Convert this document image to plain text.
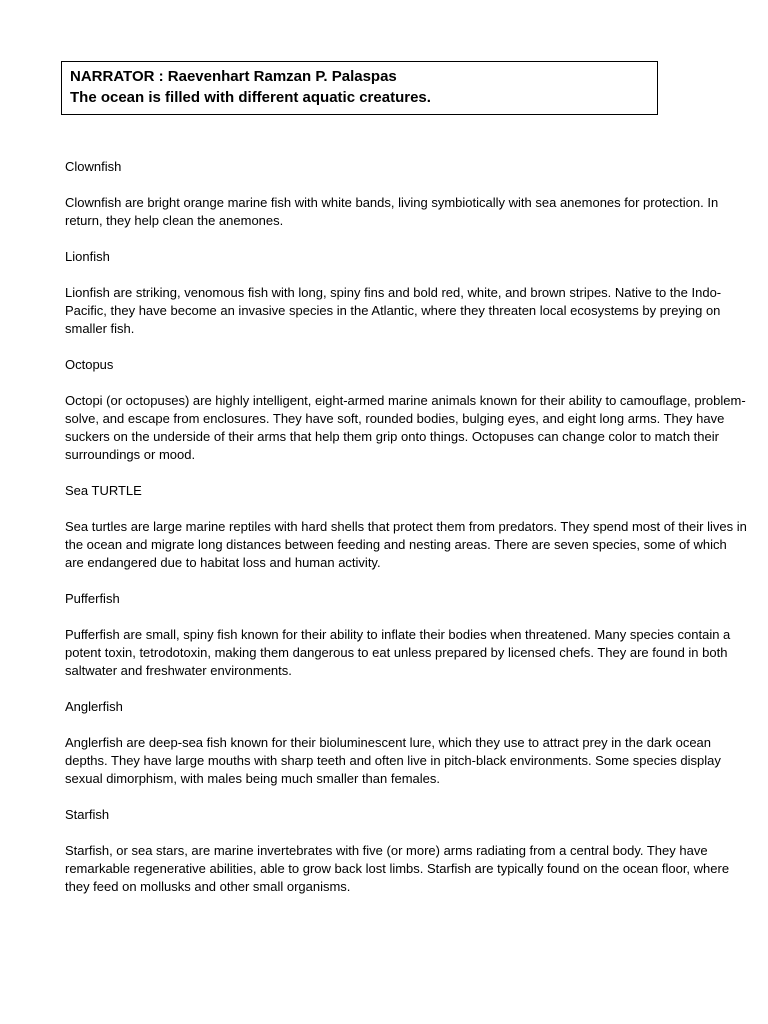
NARRATOR : Raevenhart Ramzan P. Palaspas
The ocean is filled with different aquatic creatures.

Clownfish

Clownfish are bright orange marine fish with white bands, living symbiotically with sea anemones for protection. In return, they help clean the anemones.

Lionfish

Lionfish are striking, venomous fish with long, spiny fins and bold red, white, and brown stripes. Native to the Indo-Pacific, they have become an invasive species in the Atlantic, where they threaten local ecosystems by preying on smaller fish.

Octopus

Octopi (or octopuses) are highly intelligent, eight-armed marine animals known for their ability to camouflage, problem-solve, and escape from enclosures. They have soft, rounded bodies, bulging eyes, and eight long arms. They have suckers on the underside of their arms that help them grip onto things. Octopuses can change color to match their surroundings or mood.

Sea TURTLE

Sea turtles are large marine reptiles with hard shells that protect them from predators. They spend most of their lives in the ocean and migrate long distances between feeding and nesting areas. There are seven species, some of which are endangered due to habitat loss and human activity.

Pufferfish

Pufferfish are small, spiny fish known for their ability to inflate their bodies when threatened. Many species contain a potent toxin, tetrodotoxin, making them dangerous to eat unless prepared by licensed chefs. They are found in both saltwater and freshwater environments.

Anglerfish

Anglerfish are deep-sea fish known for their bioluminescent lure, which they use to attract prey in the dark ocean depths. They have large mouths with sharp teeth and often live in pitch-black environments. Some species display sexual dimorphism, with males being much smaller than females.

Starfish

Starfish, or sea stars, are marine invertebrates with five (or more) arms radiating from a central body. They have remarkable regenerative abilities, able to grow back lost limbs. Starfish are typically found on the ocean floor, where they feed on mollusks and other small organisms.
